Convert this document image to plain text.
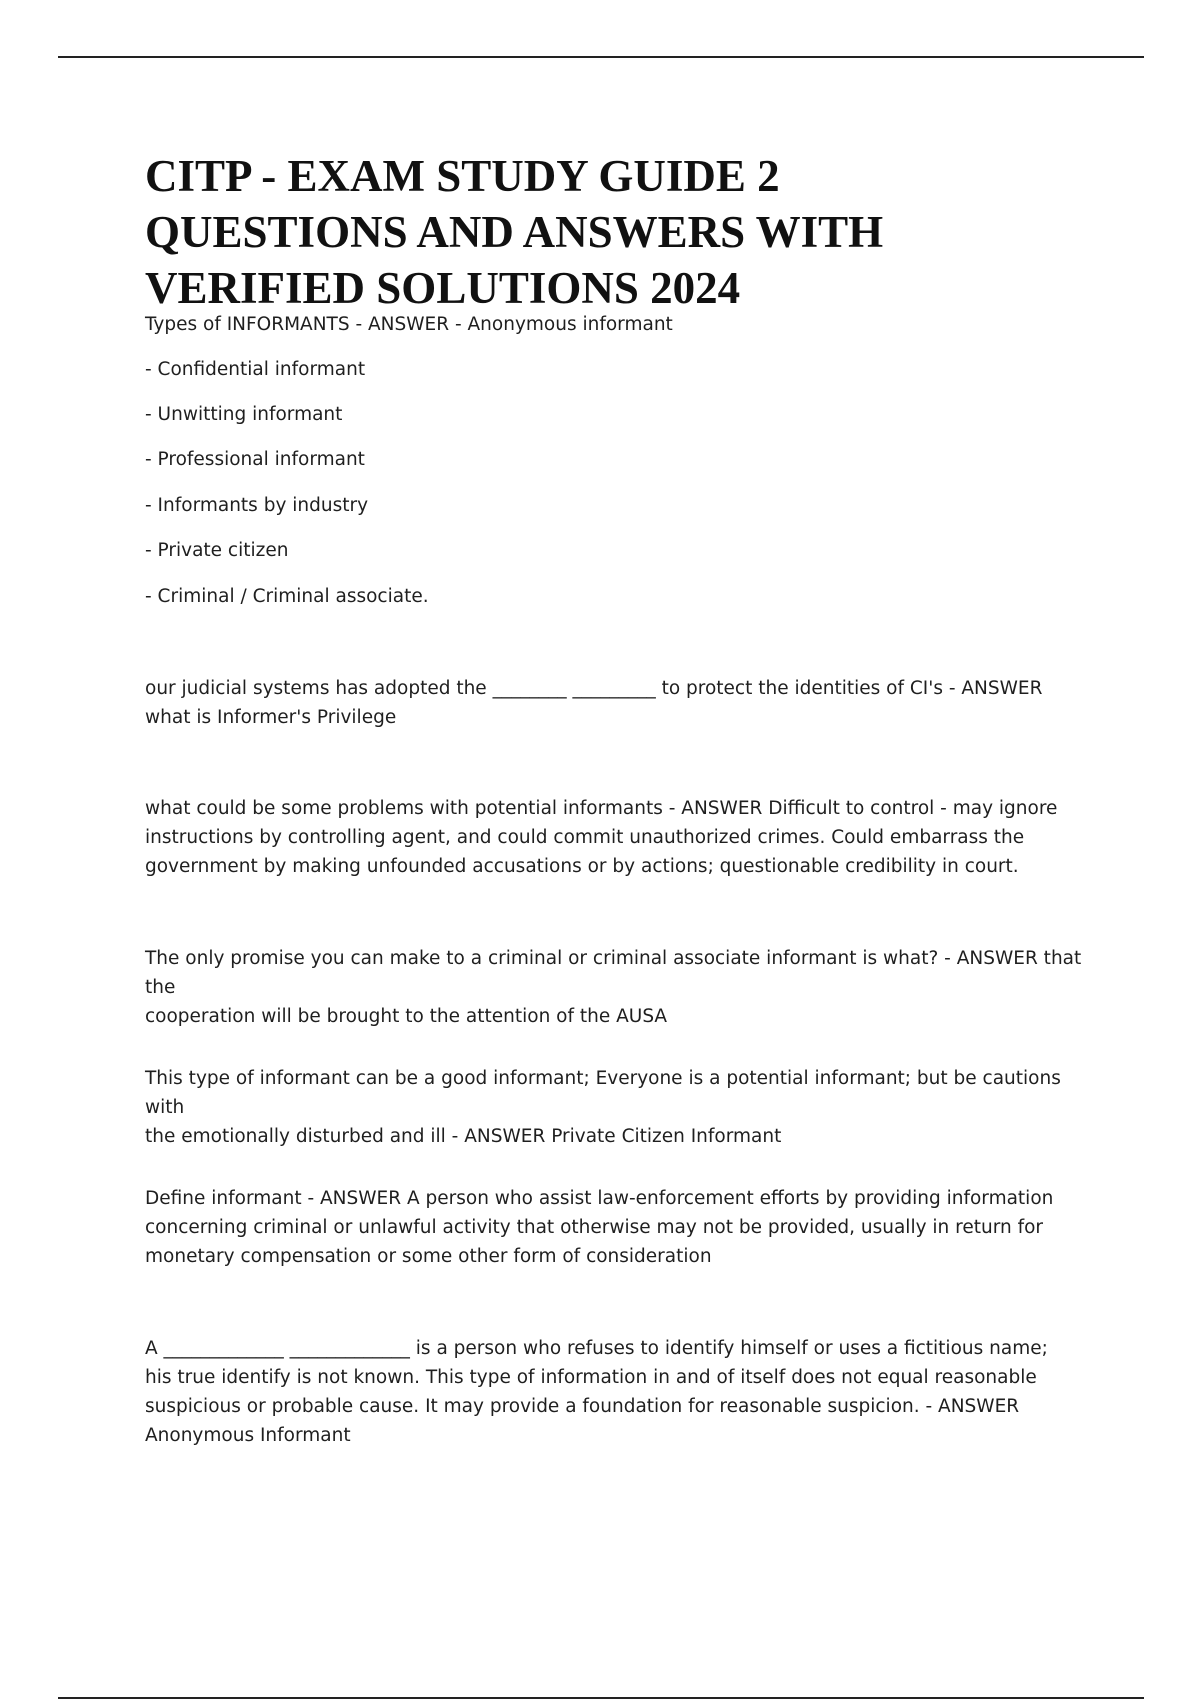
CITP - EXAM STUDY GUIDE 2
QUESTIONS AND ANSWERS WITH
VERIFIED SOLUTIONS 2024

Types of INFORMANTS - ANSWER - Anonymous informant

- Confidential informant

- Unwitting informant

- Professional informant

- Informants by industry

- Private citizen

- Criminal / Criminal associate.

our judicial systems has adopted the ________ _________ to protect the identities of CI's - ANSWER
what is Informer's Privilege
what could be some problems with potential informants - ANSWER Difficult to control - may ignore
instructions by controlling agent, and could commit unauthorized crimes. Could embarrass the
government by making unfounded accusations or by actions; questionable credibility in court.
The only promise you can make to a criminal or criminal associate informant is what? - ANSWER that the
cooperation will be brought to the attention of the AUSA
This type of informant can be a good informant; Everyone is a potential informant; but be cautions with
the emotionally disturbed and ill - ANSWER Private Citizen Informant
Define informant - ANSWER A person who assist law-enforcement efforts by providing information
concerning criminal or unlawful activity that otherwise may not be provided, usually in return for
monetary compensation or some other form of consideration
A _____________ _____________ is a person who refuses to identify himself or uses a fictitious name;
his true identify is not known. This type of information in and of itself does not equal reasonable
suspicious or probable cause. It may provide a foundation for reasonable suspicion. - ANSWER
Anonymous Informant
